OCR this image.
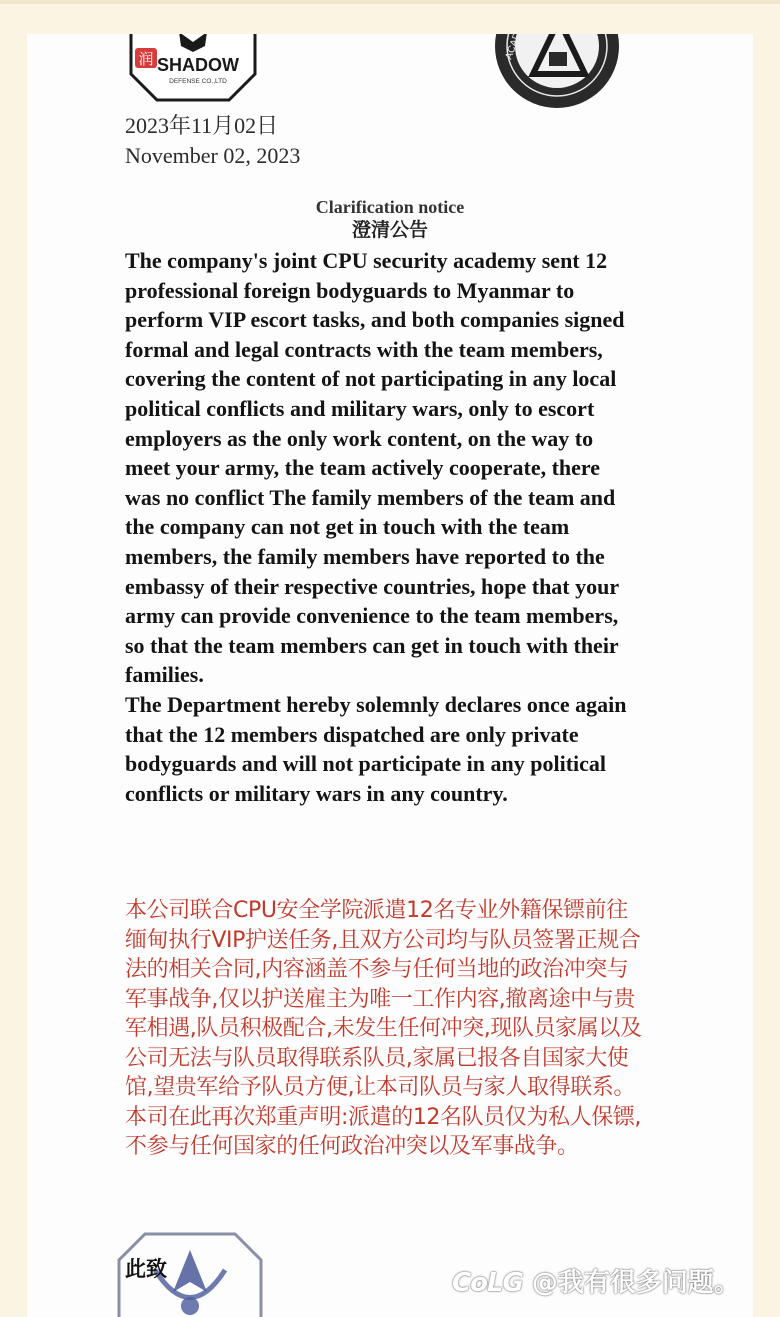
润 SHADOW
DEFENSE CO.,LTD
ACADEMY
2023年11月02日
November 02, 2023
Clarification notice
澄清公告

The company's joint CPU security academy sent 12 professional foreign bodyguards to Myanmar to perform VIP escort tasks, and both companies signed formal and legal contracts with the team members, covering the content of not participating in any local political conflicts and military wars, only to escort employers as the only work content, on the way to meet your army, the team actively cooperate, there was no conflict The family members of the team and the company can not get in touch with the team members, the family members have reported to the embassy of their respective countries, hope that your army can provide convenience to the team members, so that the team members can get in touch with their families.

The Department hereby solemnly declares once again that the 12 members dispatched are only private bodyguards and will not participate in any political conflicts or military wars in any country.

本公司联合CPU安全学院派遣12名专业外籍保镖前往缅甸执行VIP护送任务,且双方公司均与队员签署正规合法的相关合同,内容涵盖不参与任何当地的政治冲突与军事战争,仅以护送雇主为唯一工作内容,撤离途中与贵军相遇,队员积极配合,未发生任何冲突,现队员家属以及公司无法与队员取得联系队员,家属已报各自国家大使馆,望贵军给予队员方便,让本司队员与家人取得联系。

本司在此再次郑重声明:派遣的12名队员仅为私人保镖,不参与任何国家的任何政治冲突以及军事战争。

此致	CoLG @我有很多问题。
